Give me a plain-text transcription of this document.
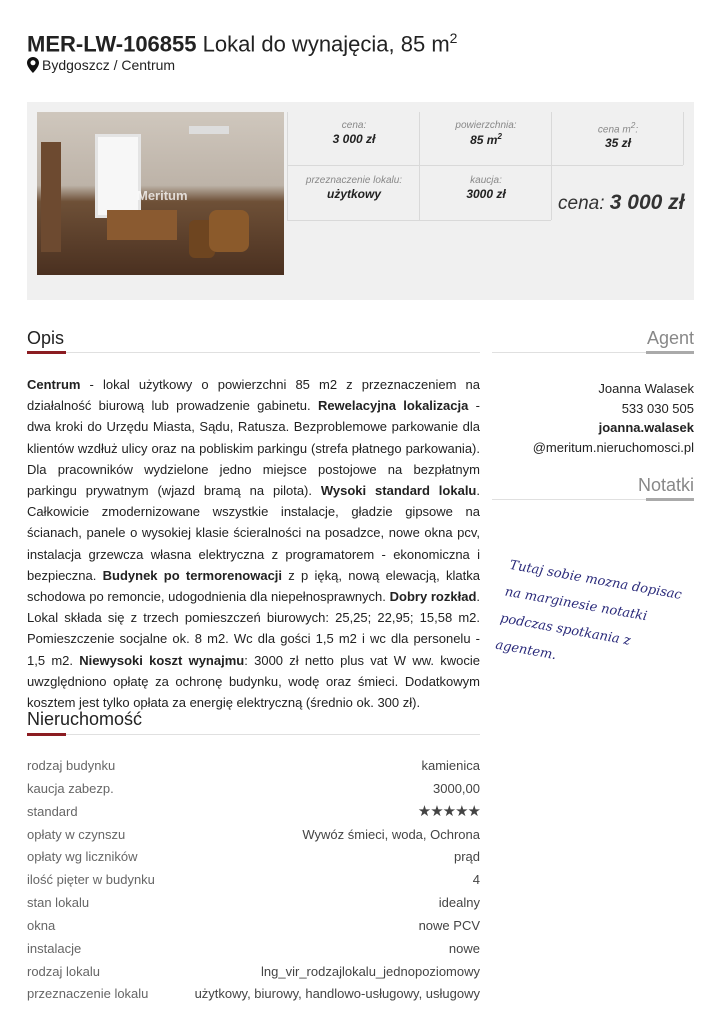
MER-LW-106855 Lokal do wynajęcia, 85 $m^2$
Bydgoszcz / Centrum
Meritum
cena:
3 000 zł
powierzchnia:
85 $m^2$
cena $m^2$:
35 zł
przeznaczenie lokalu:
użytkowy
kaucja:
3000 zł	cena: 3 000 zł
Opis
Centrum - lokal użytkowy o powierzchni 85 m2 z przeznaczeniem na działalność biurową lub prowadzenie gabinetu. Rewelacyjna lokalizacja - dwa kroki do Urzędu Miasta, Sądu, Ratusza. Bezproblemowe parkowanie dla klientów wzdłuż ulicy oraz na pobliskim parkingu (strefa płatnego parkowania). Dla pracowników wydzielone jedno miejsce postojowe na bezpłatnym parkingu prywatnym (wjazd bramą na pilota). Wysoki standard lokalu. Całkowicie zmodernizowane wszystkie instalacje, gładzie gipsowe na ścianach, panele o wysokiej klasie ścieralności na posadzce, nowe okna pcv, instalacja grzewcza własna elektryczna z programatorem - ekonomiczna i bezpieczna. Budynek po termorenowacji z p ięką, nową elewacją, klatka schodowa po remoncie, udogodnienia dla niepełnosprawnych. Dobry rozkład. Lokal składa się z trzech pomieszczeń biurowych: 25,25; 22,95; 15,58 m2. Pomieszczenie socjalne ok. 8 m2. Wc dla gości 1,5 m2 i wc dla personelu - 1,5 m2. Niewysoki koszt wynajmu: 3000 zł netto plus vat W ww. kwocie uwzględniono opłatę za ochronę budynku, wodę oraz śmieci. Dodatkowym kosztem jest tylko opłata za energię elektryczną (średnio ok. 300 zł).
Agent
Joanna Walasek
533 030 505
joanna.walasek
@meritum.nieruchomosci.pl
Notatki
Tutaj sobie mozna dopisac na marginesie notatki podczas spotkania z agentem.
Nieruchomość
rodzaj budynku	kamienica
kaucja zabezp.	3000,00
standard	★★★★★
opłaty w czynszu	Wywóz śmieci, woda, Ochrona
opłaty wg liczników	prąd
ilość pięter w budynku	4
stan lokalu	idealny
okna	nowe PCV
instalacje	nowe
rodzaj lokalu	lng_vir_rodzajlokalu_jednopoziomowy
przeznaczenie lokalu	użytkowy, biurowy, handlowo-usługowy, usługowy
